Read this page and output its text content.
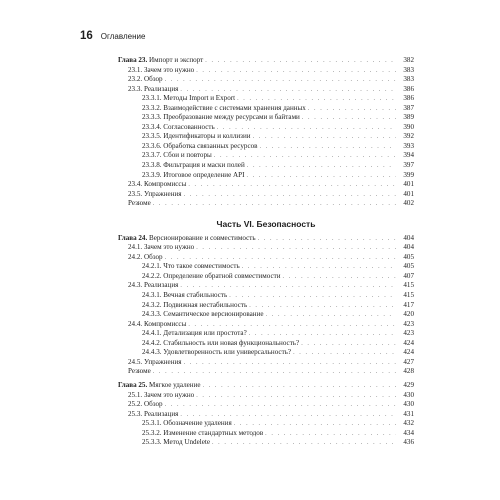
16 Оглавление
Глава 23. Импорт и экспорт . . .	382
23.1. Зачем это нужно . . .	383
23.2. Обзор . . .	383
23.3. Реализация . . .	386
23.3.1. Методы Import и Export . . .	386
23.3.2. Взаимодействие с системами хранения данных . . .	387
23.3.3. Преобразование между ресурсами и байтами . . .	389
23.3.4. Согласованность . . .	390
23.3.5. Идентификаторы и коллизии . . .	392
23.3.6. Обработка связанных ресурсов . . .	393
23.3.7. Сбои и повторы . . .	394
23.3.8. Фильтрация и маски полей . . .	397
23.3.9. Итоговое определение API . . .	399
23.4. Компромиссы . . .	401
23.5. Упражнения . . .	401
Резюме . . .	402
Часть VI. Безопасность
Глава 24. Версионирование и совместимость . . .	404
24.1. Зачем это нужно . . .	404
24.2. Обзор . . .	405
24.2.1. Что такое совместимость . . .	405
24.2.2. Определение обратной совместимости . . .	407
24.3. Реализация . . .	415
24.3.1. Вечная стабильность . . .	415
24.3.2. Подвижная нестабильность . . .	417
24.3.3. Семантическое версионирование . . .	420
24.4. Компромиссы . . .	423
24.4.1. Детализация или простота? . . .	423
24.4.2. Стабильность или новая функциональность? . . .	424
24.4.3. Удовлетворенность или универсальность? . . .	424
24.5. Упражнения . . .	427
Резюме . . .	428
Глава 25. Мягкое удаление . . .	429
25.1. Зачем это нужно . . .	430
25.2. Обзор . . .	430
25.3. Реализация . . .	431
25.3.1. Обозначение удаления . . .	432
25.3.2. Изменение стандартных методов . . .	434
25.3.3. Метод Undelete . . .	436
